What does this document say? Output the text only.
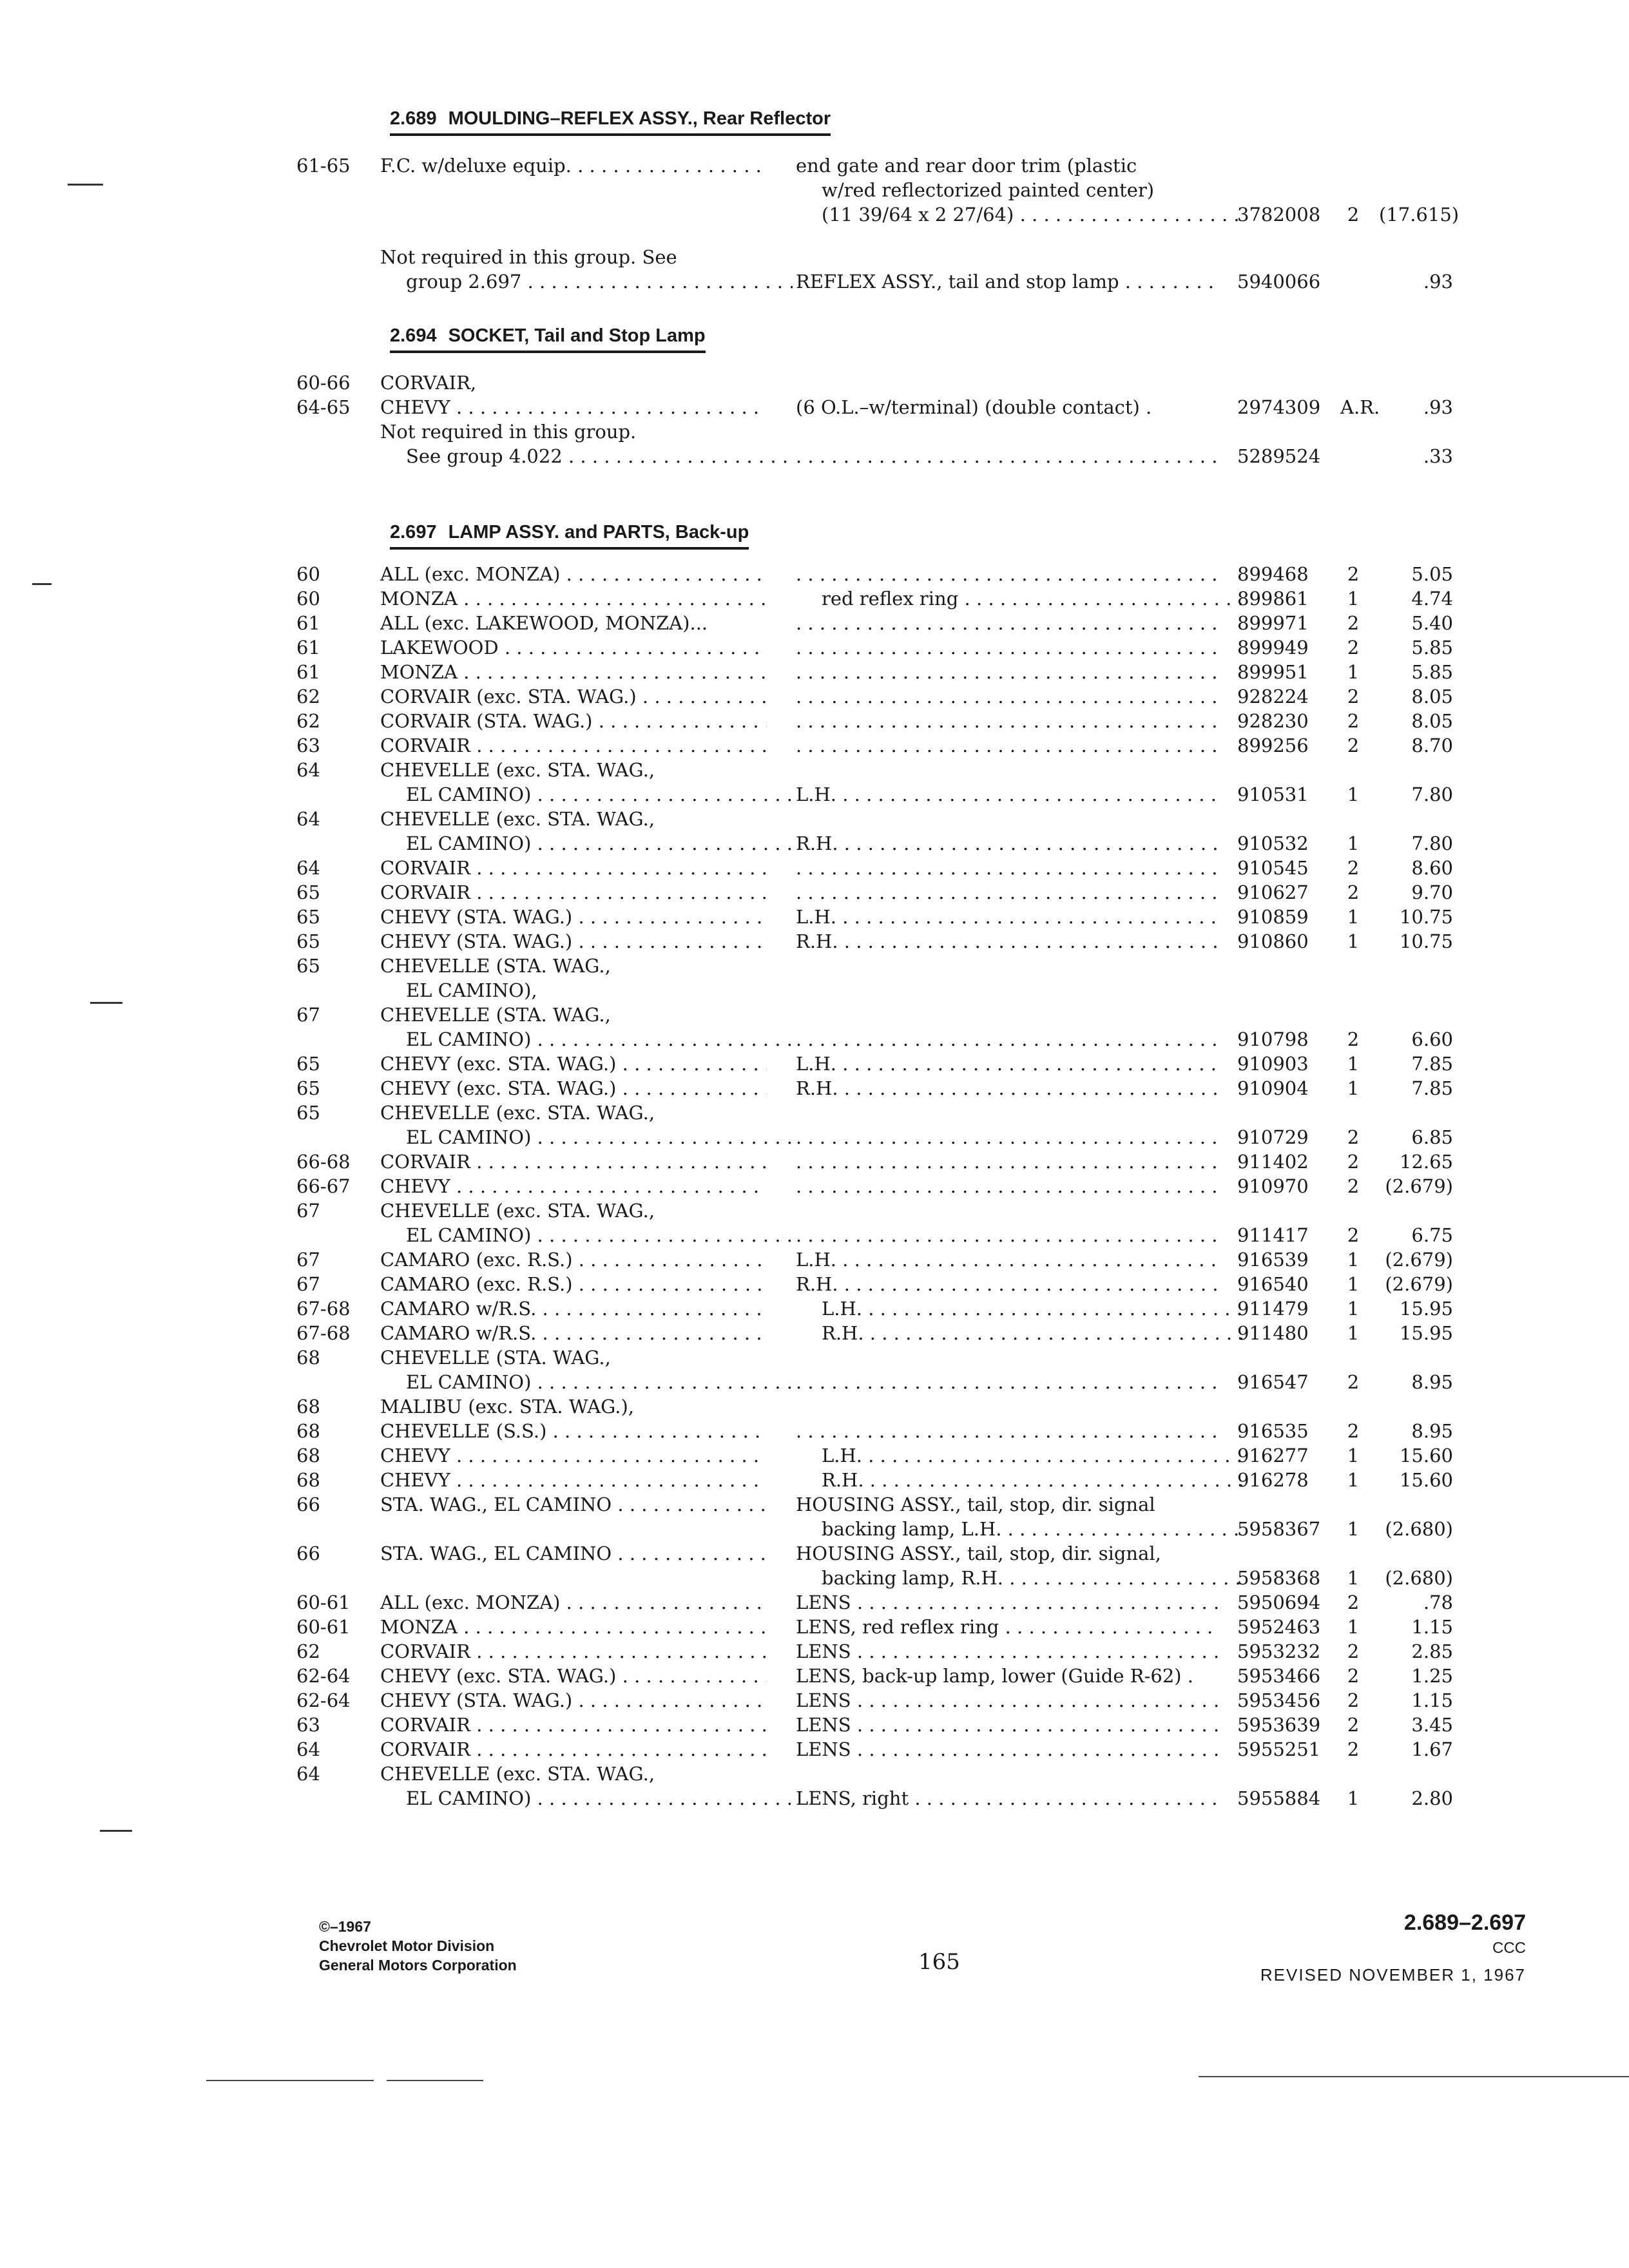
2.689 MOULDING–REFLEX ASSY., Rear Reflector
61-65 F.C. w/deluxe equip. . . .	end gate and rear door trim (plastic
w/red reflectorized painted center)
(11 39/64 x 2 27/64) . . .	3782008	2	(17.615)
Not required in this group. See
group 2.697 . . .	REFLEX ASSY., tail and stop lamp . . .	5940066	.93
2.694 SOCKET, Tail and Stop Lamp
60-66 CORVAIR,
64-65 CHEVY . . .	(6 O.L.–w/terminal) (double contact) .	2974309 A.R.	.93
Not required in this group.
See group 4.022 . . . . . .	5289524	.33
2.697 LAMP ASSY. and PARTS, Back-up
60	ALL (exc. MONZA) . . . . . .	899468	2	5.05
60	MONZA . . .	red reflex ring . . .	899861	1	4.74
61	ALL (exc. LAKEWOOD, MONZA)... . . .	899971	2	5.40
61	LAKEWOOD . . . . . .	899949	2	5.85
61	MONZA . . . . . .	899951	1	5.85
62	CORVAIR (exc. STA. WAG.) . . . . . .	928224	2	8.05
62	CORVAIR (STA. WAG.) . . . . . .	928230	2	8.05
63	CORVAIR . . . . . .	899256	2	8.70
64	CHEVELLE (exc. STA. WAG.,
EL CAMINO) . . .	L.H. . . .	910531	1	7.80
64	CHEVELLE (exc. STA. WAG.,
EL CAMINO) . . .	R.H. . . .	910532	1	7.80
64	CORVAIR . . . . . .	910545	2	8.60
65	CORVAIR . . . . . .	910627	2	9.70
65	CHEVY (STA. WAG.) . . .	L.H. . . .	910859	1	10.75
65	CHEVY (STA. WAG.) . . .	R.H. . . .	910860	1	10.75
65	CHEVELLE (STA. WAG.,
EL CAMINO),
67	CHEVELLE (STA. WAG.,
EL CAMINO) . . . . . .	910798	2	6.60
65	CHEVY (exc. STA. WAG.) . . .	L.H. . . .	910903	1	7.85
65	CHEVY (exc. STA. WAG.) . . .	R.H. . . .	910904	1	7.85
65	CHEVELLE (exc. STA. WAG.,
EL CAMINO) . . . . . .	910729	2	6.85
66-68 CORVAIR . . . . . .	911402	2	12.65
66-67 CHEVY . . . . . .	910970	2	(2.679)
67	CHEVELLE (exc. STA. WAG.,
EL CAMINO) . . . . . .	911417	2	6.75
67	CAMARO (exc. R.S.) . . .	L.H. . . .	916539	1	(2.679)
67	CAMARO (exc. R.S.) . . .	R.H. . . .	916540	1	(2.679)
67-68 CAMARO w/R.S. . . .	L.H. . . .	911479	1	15.95
67-68 CAMARO w/R.S. . . .	R.H. . . .	911480	1	15.95
68	CHEVELLE (STA. WAG.,
EL CAMINO) . . . . . .	916547	2	8.95
68	MALIBU (exc. STA. WAG.),
68	CHEVELLE (S.S.) . . . . . .	916535	2	8.95
68	CHEVY . . .	L.H. . . .	916277	1	15.60
68	CHEVY . . .	R.H. . . .	916278	1	15.60
66	STA. WAG., EL CAMINO . . .	HOUSING ASSY., tail, stop, dir. signal
backing lamp, L.H. . . .	5958367	1	(2.680)
66	STA. WAG., EL CAMINO . . .	HOUSING ASSY., tail, stop, dir. signal,
backing lamp, R.H. . . .	5958368	1	(2.680)
60-61 ALL (exc. MONZA) . . .	LENS . . .	5950694	2	.78
60-61 MONZA . . .	LENS, red reflex ring . . .	5952463	1	1.15
62	CORVAIR . . .	LENS . . .	5953232	2	2.85
62-64 CHEVY (exc. STA. WAG.) . . .	LENS, back-up lamp, lower (Guide R-62) .	5953466	2	1.25
62-64 CHEVY (STA. WAG.) . . .	LENS . . .	5953456	2	1.15
63	CORVAIR . . .	LENS . . .	5953639	2	3.45
64	CORVAIR . . .	LENS . . .	5955251	2	1.67
64	CHEVELLE (exc. STA. WAG.,
EL CAMINO) . . .	LENS, right . . .	5955884	1	2.80
©–1967
Chevrolet Motor Division
General Motors Corporation	165
2.689–2.697
CCC
REVISED NOVEMBER 1, 1967
